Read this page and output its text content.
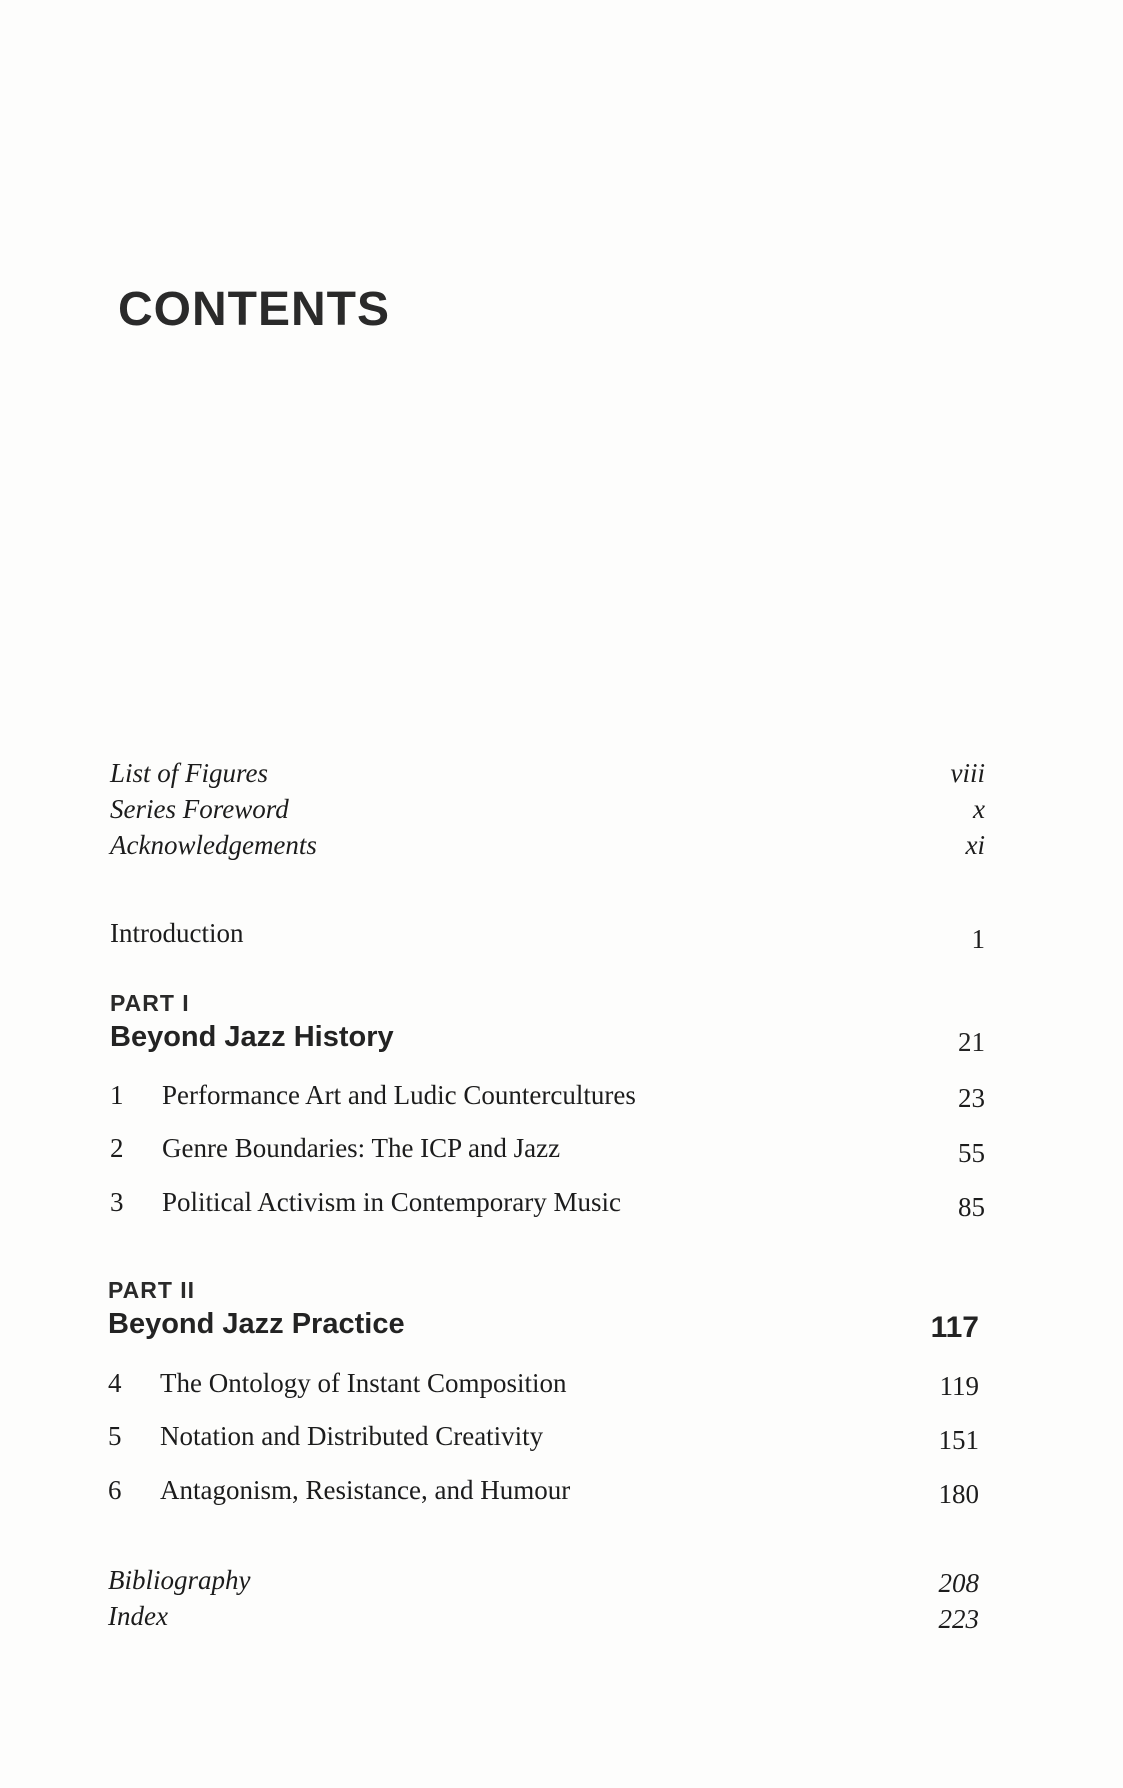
CONTENTS
List of Figures	viii
Series Foreword	x
Acknowledgements	xi
Introduction	1
PART I
Beyond Jazz History	21
1 Performance Art and Ludic Countercultures	23
2 Genre Boundaries: The ICP and Jazz	55
3 Political Activism in Contemporary Music	85
PART II
Beyond Jazz Practice	117
4 The Ontology of Instant Composition	119
5 Notation and Distributed Creativity	151
6 Antagonism, Resistance, and Humour	180
Bibliography	208
Index	223
